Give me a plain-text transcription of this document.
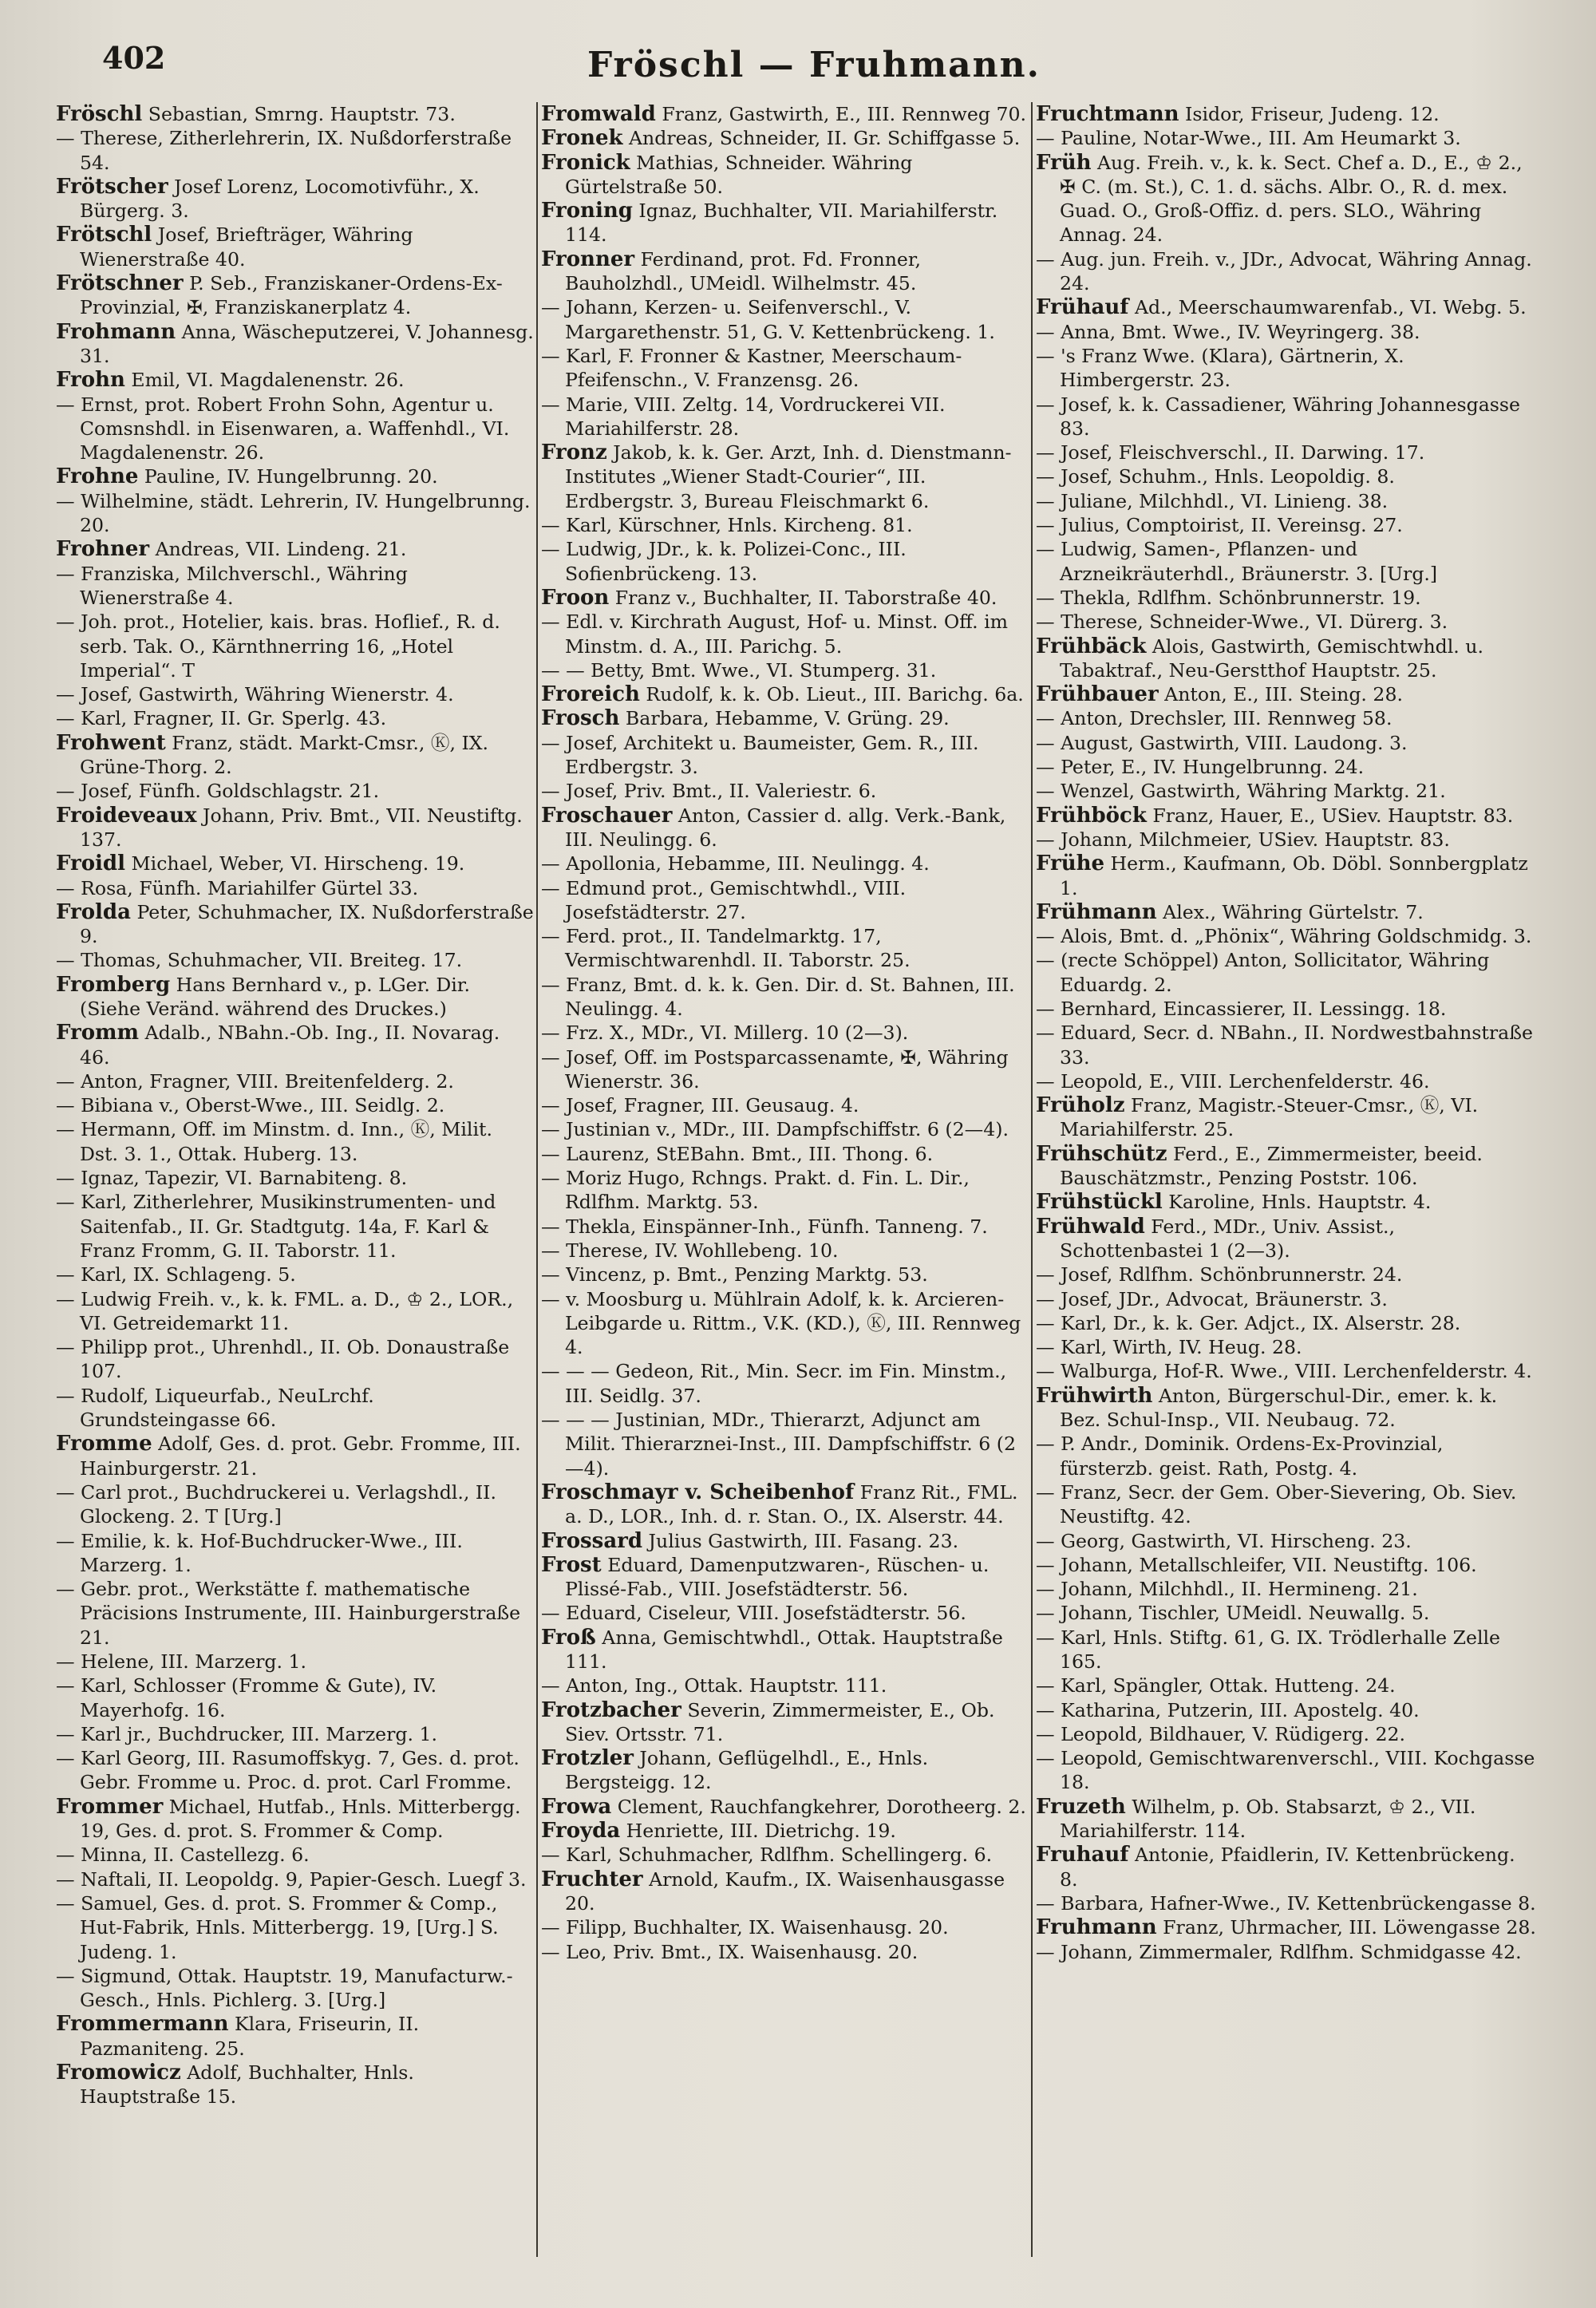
402	Fröschl — Fruhmann.
Fröschl Sebastian, Smrng. Hauptstr. 73.
— Therese, Zitherlehrerin, IX. Nußdorferstraße 54.
Frötscher Josef Lorenz, Locomotivführ., X. Bürgerg. 3.
Frötschl Josef, Briefträger, Währing Wienerstraße 40.
Frötschner P. Seb., Franziskaner-Ordens-Ex-Provinzial, ✠, Franziskanerplatz 4.
Frohmann Anna, Wäscheputzerei, V. Johannesg. 31.
Frohn Emil, VI. Magdalenenstr. 26.
— Ernst, prot. Robert Frohn Sohn, Agentur u. Comsnshdl. in Eisenwaren, a. Waffenhdl., VI. Magdalenenstr. 26.
Frohne Pauline, IV. Hungelbrunng. 20.
— Wilhelmine, städt. Lehrerin, IV. Hungelbrunng. 20.
Frohner Andreas, VII. Lindeng. 21.
— Franziska, Milchverschl., Währing Wienerstraße 4.
— Joh. prot., Hotelier, kais. bras. Hoflief., R. d. serb. Tak. O., Kärnthnerring 16, „Hotel Imperial“. T
— Josef, Gastwirth, Währing Wienerstr. 4.
— Karl, Fragner, II. Gr. Sperlg. 43.
Frohwent Franz, städt. Markt-Cmsr., Ⓚ, IX. Grüne-Thorg. 2.
— Josef, Fünfh. Goldschlagstr. 21.
Froideveaux Johann, Priv. Bmt., VII. Neustiftg. 137.
Froidl Michael, Weber, VI. Hirscheng. 19.
— Rosa, Fünfh. Mariahilfer Gürtel 33.
Frolda Peter, Schuhmacher, IX. Nußdorferstraße 9.
— Thomas, Schuhmacher, VII. Breiteg. 17.
Fromberg Hans Bernhard v., p. LGer. Dir. (Siehe Veränd. während des Druckes.)
Fromm Adalb., NBahn.-Ob. Ing., II. Novarag. 46.
— Anton, Fragner, VIII. Breitenfelderg. 2.
— Bibiana v., Oberst-Wwe., III. Seidlg. 2.
— Hermann, Off. im Minstm. d. Inn., Ⓚ, Milit. Dst. 3. 1., Ottak. Huberg. 13.
— Ignaz, Tapezir, VI. Barnabiteng. 8.
— Karl, Zitherlehrer, Musikinstrumenten- und Saitenfab., II. Gr. Stadtgutg. 14a, F. Karl & Franz Fromm, G. II. Taborstr. 11.
— Karl, IX. Schlageng. 5.
— Ludwig Freih. v., k. k. FML. a. D., ♔ 2., LOR., VI. Getreidemarkt 11.
— Philipp prot., Uhrenhdl., II. Ob. Donaustraße 107.
— Rudolf, Liqueurfab., NeuLrchf. Grundsteingasse 66.
Fromme Adolf, Ges. d. prot. Gebr. Fromme, III. Hainburgerstr. 21.
— Carl prot., Buchdruckerei u. Verlagshdl., II. Glockeng. 2. T [Urg.]
— Emilie, k. k. Hof-Buchdrucker-Wwe., III. Marzerg. 1.
— Gebr. prot., Werkstätte f. mathematische Präcisions Instrumente, III. Hainburgerstraße 21.
— Helene, III. Marzerg. 1.
— Karl, Schlosser (Fromme & Gute), IV. Mayerhofg. 16.
— Karl jr., Buchdrucker, III. Marzerg. 1.
— Karl Georg, III. Rasumoffskyg. 7, Ges. d. prot. Gebr. Fromme u. Proc. d. prot. Carl Fromme.
Frommer Michael, Hutfab., Hnls. Mitterbergg. 19, Ges. d. prot. S. Frommer & Comp.
— Minna, II. Castellezg. 6.
— Naftali, II. Leopoldg. 9, Papier-Gesch. Luegf 3.
— Samuel, Ges. d. prot. S. Frommer & Comp., Hut-Fabrik, Hnls. Mitterbergg. 19, [Urg.] S. Judeng. 1.
— Sigmund, Ottak. Hauptstr. 19, Manufacturw.-Gesch., Hnls. Pichlerg. 3. [Urg.]
Frommermann Klara, Friseurin, II. Pazmaniteng. 25.
Fromowicz Adolf, Buchhalter, Hnls. Hauptstraße 15.
Fromwald Franz, Gastwirth, E., III. Rennweg 70.
Fronek Andreas, Schneider, II. Gr. Schiffgasse 5.
Fronick Mathias, Schneider. Währing Gürtelstraße 50.
Froning Ignaz, Buchhalter, VII. Mariahilferstr. 114.
Fronner Ferdinand, prot. Fd. Fronner, Bauholzhdl., UMeidl. Wilhelmstr. 45.
— Johann, Kerzen- u. Seifenverschl., V. Margarethenstr. 51, G. V. Kettenbrückeng. 1.
— Karl, F. Fronner & Kastner, Meerschaum-Pfeifenschn., V. Franzensg. 26.
— Marie, VIII. Zeltg. 14, Vordruckerei VII. Mariahilferstr. 28.
Fronz Jakob, k. k. Ger. Arzt, Inh. d. Dienstmann-Institutes „Wiener Stadt-Courier“, III. Erdbergstr. 3, Bureau Fleischmarkt 6.
— Karl, Kürschner, Hnls. Kircheng. 81.
— Ludwig, JDr., k. k. Polizei-Conc., III. Sofienbrückeng. 13.
Froon Franz v., Buchhalter, II. Taborstraße 40.
— Edl. v. Kirchrath August, Hof- u. Minst. Off. im Minstm. d. A., III. Parichg. 5.
— — Betty, Bmt. Wwe., VI. Stumperg. 31.
Froreich Rudolf, k. k. Ob. Lieut., III. Barichg. 6a.
Frosch Barbara, Hebamme, V. Grüng. 29.
— Josef, Architekt u. Baumeister, Gem. R., III. Erdbergstr. 3.
— Josef, Priv. Bmt., II. Valeriestr. 6.
Froschauer Anton, Cassier d. allg. Verk.-Bank, III. Neulingg. 6.
— Apollonia, Hebamme, III. Neulingg. 4.
— Edmund prot., Gemischtwhdl., VIII. Josefstädterstr. 27.
— Ferd. prot., II. Tandelmarktg. 17, Vermischtwarenhdl. II. Taborstr. 25.
— Franz, Bmt. d. k. k. Gen. Dir. d. St. Bahnen, III. Neulingg. 4.
— Frz. X., MDr., VI. Millerg. 10 (2—3).
— Josef, Off. im Postsparcassenamte, ✠, Währing Wienerstr. 36.
— Josef, Fragner, III. Geusaug. 4.
— Justinian v., MDr., III. Dampfschiffstr. 6 (2—4).
— Laurenz, StEBahn. Bmt., III. Thong. 6.
— Moriz Hugo, Rchngs. Prakt. d. Fin. L. Dir., Rdlfhm. Marktg. 53.
— Thekla, Einspänner-Inh., Fünfh. Tanneng. 7.
— Therese, IV. Wohllebeng. 10.
— Vincenz, p. Bmt., Penzing Marktg. 53.
— v. Moosburg u. Mühlrain Adolf, k. k. Arcieren-Leibgarde u. Rittm., V.K. (KD.), Ⓚ, III. Rennweg 4.
— — — Gedeon, Rit., Min. Secr. im Fin. Minstm., III. Seidlg. 37.
— — — Justinian, MDr., Thierarzt, Adjunct am Milit. Thierarznei-Inst., III. Dampfschiffstr. 6 (2—4).
Froschmayr v. Scheibenhof Franz Rit., FML. a. D., LOR., Inh. d. r. Stan. O., IX. Alserstr. 44.
Frossard Julius Gastwirth, III. Fasang. 23.
Frost Eduard, Damenputzwaren-, Rüschen- u. Plissé-Fab., VIII. Josefstädterstr. 56.
— Eduard, Ciseleur, VIII. Josefstädterstr. 56.
Froß Anna, Gemischtwhdl., Ottak. Hauptstraße 111.
— Anton, Ing., Ottak. Hauptstr. 111.
Frotzbacher Severin, Zimmermeister, E., Ob. Siev. Ortsstr. 71.
Frotzler Johann, Geflügelhdl., E., Hnls. Bergsteigg. 12.
Frowa Clement, Rauchfangkehrer, Dorotheerg. 2.
Froyda Henriette, III. Dietrichg. 19.
— Karl, Schuhmacher, Rdlfhm. Schellingerg. 6.
Fruchter Arnold, Kaufm., IX. Waisenhausgasse 20.
— Filipp, Buchhalter, IX. Waisenhausg. 20.
— Leo, Priv. Bmt., IX. Waisenhausg. 20.
Fruchtmann Isidor, Friseur, Judeng. 12.
— Pauline, Notar-Wwe., III. Am Heumarkt 3.
Früh Aug. Freih. v., k. k. Sect. Chef a. D., E., ♔ 2., ✠ C. (m. St.), C. 1. d. sächs. Albr. O., R. d. mex. Guad. O., Groß-Offiz. d. pers. SLO., Währing Annag. 24.
— Aug. jun. Freih. v., JDr., Advocat, Währing Annag. 24.
Frühauf Ad., Meerschaumwarenfab., VI. Webg. 5.
— Anna, Bmt. Wwe., IV. Weyringerg. 38.
— 's Franz Wwe. (Klara), Gärtnerin, X. Himbergerstr. 23.
— Josef, k. k. Cassadiener, Währing Johannesgasse 83.
— Josef, Fleischverschl., II. Darwing. 17.
— Josef, Schuhm., Hnls. Leopoldig. 8.
— Juliane, Milchhdl., VI. Linieng. 38.
— Julius, Comptoirist, II. Vereinsg. 27.
— Ludwig, Samen-, Pflanzen- und Arzneikräuterhdl., Bräunerstr. 3. [Urg.]
— Thekla, Rdlfhm. Schönbrunnerstr. 19.
— Therese, Schneider-Wwe., VI. Dürerg. 3.
Frühbäck Alois, Gastwirth, Gemischtwhdl. u. Tabaktraf., Neu-Gerstthof Hauptstr. 25.
Frühbauer Anton, E., III. Steing. 28.
— Anton, Drechsler, III. Rennweg 58.
— August, Gastwirth, VIII. Laudong. 3.
— Peter, E., IV. Hungelbrunng. 24.
— Wenzel, Gastwirth, Währing Marktg. 21.
Frühböck Franz, Hauer, E., USiev. Hauptstr. 83.
— Johann, Milchmeier, USiev. Hauptstr. 83.
Frühe Herm., Kaufmann, Ob. Döbl. Sonnbergplatz 1.
Frühmann Alex., Währing Gürtelstr. 7.
— Alois, Bmt. d. „Phönix“, Währing Goldschmidg. 3.
— (recte Schöppel) Anton, Sollicitator, Währing Eduardg. 2.
— Bernhard, Eincassierer, II. Lessingg. 18.
— Eduard, Secr. d. NBahn., II. Nordwestbahnstraße 33.
— Leopold, E., VIII. Lerchenfelderstr. 46.
Früholz Franz, Magistr.-Steuer-Cmsr., Ⓚ, VI. Mariahilferstr. 25.
Frühschütz Ferd., E., Zimmermeister, beeid. Bauschätzmstr., Penzing Poststr. 106.
Frühstückl Karoline, Hnls. Hauptstr. 4.
Frühwald Ferd., MDr., Univ. Assist., Schottenbastei 1 (2—3).
— Josef, Rdlfhm. Schönbrunnerstr. 24.
— Josef, JDr., Advocat, Bräunerstr. 3.
— Karl, Dr., k. k. Ger. Adjct., IX. Alserstr. 28.
— Karl, Wirth, IV. Heug. 28.
— Walburga, Hof-R. Wwe., VIII. Lerchenfelderstr. 4.
Frühwirth Anton, Bürgerschul-Dir., emer. k. k. Bez. Schul-Insp., VII. Neubaug. 72.
— P. Andr., Dominik. Ordens-Ex-Provinzial, fürsterzb. geist. Rath, Postg. 4.
— Franz, Secr. der Gem. Ober-Sievering, Ob. Siev. Neustiftg. 42.
— Georg, Gastwirth, VI. Hirscheng. 23.
— Johann, Metallschleifer, VII. Neustiftg. 106.
— Johann, Milchhdl., II. Hermineng. 21.
— Johann, Tischler, UMeidl. Neuwallg. 5.
— Karl, Hnls. Stiftg. 61, G. IX. Trödlerhalle Zelle 165.
— Karl, Spängler, Ottak. Hutteng. 24.
— Katharina, Putzerin, III. Apostelg. 40.
— Leopold, Bildhauer, V. Rüdigerg. 22.
— Leopold, Gemischtwarenverschl., VIII. Kochgasse 18.
Fruzeth Wilhelm, p. Ob. Stabsarzt, ♔ 2., VII. Mariahilferstr. 114.
Fruhauf Antonie, Pfaidlerin, IV. Kettenbrückeng. 8.
— Barbara, Hafner-Wwe., IV. Kettenbrückengasse 8.
Fruhmann Franz, Uhrmacher, III. Löwengasse 28.
— Johann, Zimmermaler, Rdlfhm. Schmidgasse 42.
